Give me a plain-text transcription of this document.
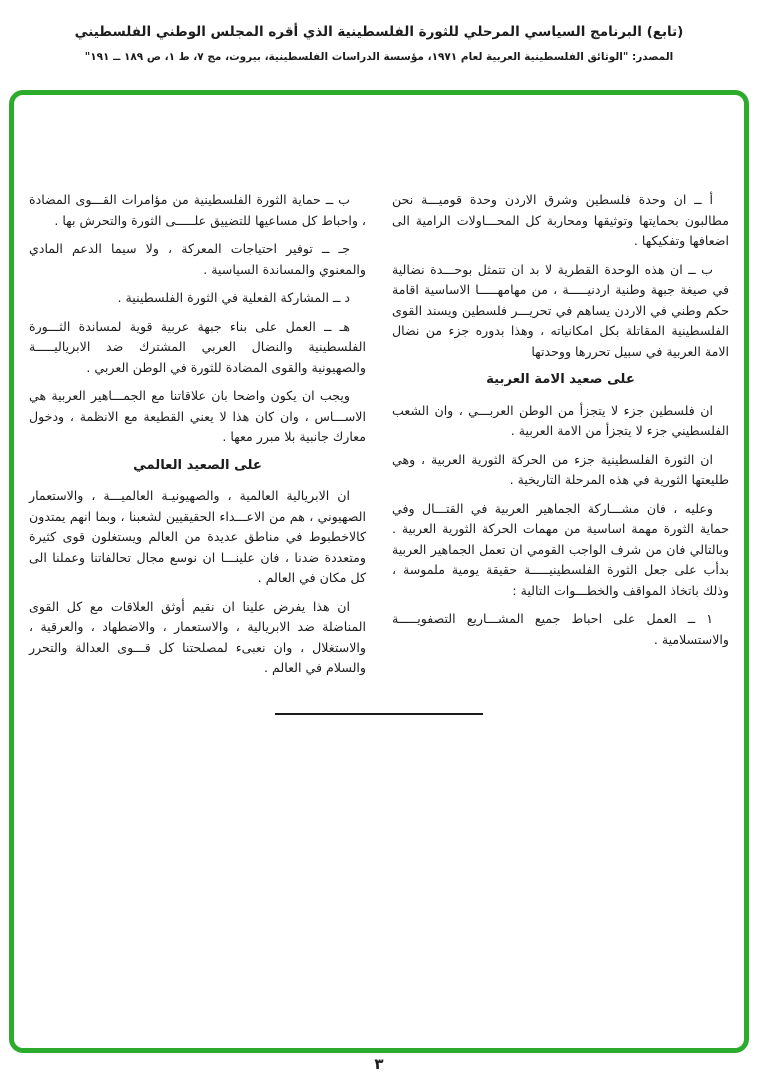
(تابع) البرنامج السياسي المرحلي للثورة الفلسطينية الذي أقره المجلس الوطني الفلسطيني
المصدر: "الوثائق الفلسطينية العربية لعام ١٩٧١، مؤسسة الدراسات الفلسطينية، بيروت، مج ٧، ط ١، ص ١٨٩ ــ ١٩١"

أ ــ ان وحدة فلسطين وشرق الاردن وحدة قوميـــة نحن مطالبون بحمايتها وتوثيقها ومحاربة كل المحـــاولات الرامية الى اضعافها وتفكيكها .

ب ــ ان هذه الوحدة القطرية لا بد ان تتمثل بوحـــدة نضالية في صيغة جبهة وطنية اردنيـــــة ، من مهامهـــــا الاساسية اقامة حكم وطني في الاردن يساهم في تحريـــر فلسطين ويسند القوى الفلسطينية المقاتلة بكل امكانياته ، وهذا بدوره جزء من نضال الامة العربية في سبيل تحررها ووحدتها

على صعيد الامة العربية

ان فلسطين جزء لا يتجزأ من الوطن العربـــي ، وان الشعب الفلسطيني جزء لا يتجزأ من الامة العربية .

ان الثورة الفلسطينية جزء من الحركة الثورية العربية ، وهي طليعتها الثورية في هذه المرحلة التاريخية .

وعليه ، فان مشـــاركة الجماهير العربية في القتـــال وفي حماية الثورة مهمة اساسية من مهمات الحركة الثورية العربية . وبالتالي فان من شرف الواجب القومي ان تعمل الجماهير العربية بدأب على جعل الثورة الفلسطينيـــــة حقيقة يومية ملموسة ، وذلك باتخاذ المواقف والخطـــوات التالية :

١ ــ العمل على احباط جميع المشـــاريع التصفويـــــة والاستسلامية .

ب ــ حماية الثورة الفلسطينية من مؤامرات القـــوى المضادة ، واحباط كل مساعيها للتضييق علـــــى الثورة والتحرش بها .

جـ ــ توفير احتياجات المعركة ، ولا سيما الدعم المادي والمعنوي والمساندة السياسية .

د ــ المشاركة الفعلية في الثورة الفلسطينية .

هـ ــ العمل على بناء جبهة عربية قوية لمساندة الثـــورة الفلسطينية والنضال العربي المشترك ضد الابرياليـــــة والصهيونية والقوى المضادة للثورة في الوطن العربي .

ويجب ان يكون واضحا بان علاقاتنا مع الجمـــاهير العربية هي الاســـاس ، وان كان هذا لا يعني القطيعة مع الانظمة ، ودخول معارك جانبية بلا مبرر معها .

على الصعيد العالمي

ان الابريالية العالمية ، والصهيونيـة العالميـــة ، والاستعمار الصهيوني ، هم من الاعـــداء الحقيقيين لشعبنا ، وبما انهم يمتدون كالاخطبوط في مناطق عديدة من العالم ويستغلون قوى كثيرة ومتعددة ضدنا ، فان علينـــا ان نوسع مجال تحالفاتنا وعملنا الى كل مكان في العالم .

ان هذا يفرض علينا ان نقيم أوثق العلاقات مع كل القوى المناضلة ضد الابريالية ، والاستعمار ، والاضطهاد ، والعرقية ، والاستغلال ، وان نعبىء لمصلحتنا كل قـــوى العدالة والتحرر والسلام في العالم .

٣
